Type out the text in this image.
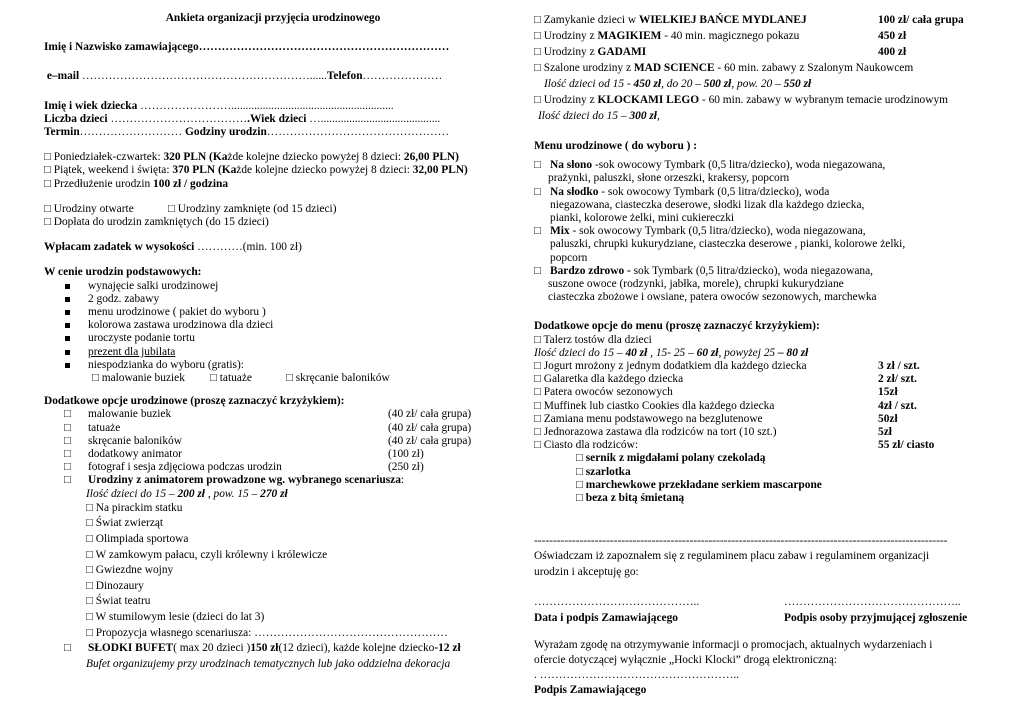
Ankieta organizacji przyjęcia urodzinowego
Imię i Nazwisko zamawiającego…………………………………………………………
e–mail ……………………………………………………......Telefon…………………
Imię i wiek dziecka …………………….........................................................
Liczba dzieci ……………………………….Wiek dzieci …..........................................
Termin……………………… Godziny urodzin…………………………………………
□ Poniedziałek-czwartek: 320 PLN (Każde kolejne dziecko powyżej 8 dzieci: 26,00 PLN)
□ Piątek, weekend i święta: 370 PLN (Każde kolejne dziecko powyżej 8 dzieci: 32,00 PLN)
□ Przedłużenie urodzin 100 zł / godzina
□ Urodziny otwarte	□ Urodziny zamknięte (od 15 dzieci)
□ Dopłata do urodzin zamkniętych (do 15 dzieci)
Wpłacam zadatek w wysokości …………(min. 100 zł)
W cenie urodzin podstawowych:
wynajęcie salki urodzinowej
2 godz. zabawy
menu urodzinowe ( pakiet do wyboru )
kolorowa zastawa urodzinowa dla dzieci
uroczyste podanie tortu
prezent dla jubilata
niespodzianka do wyboru (gratis):
□ malowanie buziek □ tatuaże	□ skręcanie baloników
Dodatkowe opcje urodzinowe (proszę zaznaczyć krzyżykiem):
□	malowanie buziek	(40 zł/ cała grupa)
□	tatuaże	(40 zł/ cała grupa)
□	skręcanie baloników	(40 zł/ cała grupa)
□	dodatkowy animator	(100 zł)
□	fotograf i sesja zdjęciowa podczas urodzin	(250 zł)
□	Urodziny z animatorem prowadzone wg. wybranego scenariusza :
Ilość dzieci do 15 – 200 zł , pow. 15 – 270 zł
□ Na pirackim statku
□ Świat zwierząt
□ Olimpiada sportowa
□ W zamkowym pałacu, czyli królewny i królewicze
□ Gwiezdne wojny
□ Dinozaury
□ Świat teatru
□ W stumilowym lesie (dzieci do lat 3)
□ Propozycja własnego scenariusza: ……………………………………………
□	SŁODKI BUFET ( max 20 dzieci ) 150 zł (12 dzieci), każde kolejne dziecko -12 zł
Bufet organizujemy przy urodzinach tematycznych lub jako oddzielna dekoracja
□ Zamykanie dzieci w WIELKIEJ BAŃCE MYDLANEJ	100 zł/ cała grupa
□ Urodziny z MAGIKIEM - 40 min. magicznego pokazu	450 zł
□ Urodziny z GADAMI	400 zł
□ Szalone urodziny z MAD SCIENCE - 60 min. zabawy z Szalonym Naukowcem
Ilość dzieci od 15 - 450 zł, do 20 – 500 zł, pow. 20 – 550 zł
□ Urodziny z KLOCKAMI LEGO - 60 min. zabawy w wybranym temacie urodzinowym
Ilość dzieci do 15 – 300 zł,
Menu urodzinowe ( do wyboru ) :
□ Na słono -sok owocowy Tymbark (0,5 litra/dziecko), woda niegazowana,
prażynki, paluszki, słone orzeszki, krakersy, popcorn
□ Na słodko - sok owocowy Tymbark (0,5 litra/dziecko), woda
niegazowana, ciasteczka deserowe, słodki lizak dla każdego dziecka,
pianki, kolorowe żelki, mini cukiereczki
□ Mix - sok owocowy Tymbark (0,5 litra/dziecko), woda niegazowana,
paluszki, chrupki kukurydziane, ciasteczka deserowe , pianki, kolorowe żelki,
popcorn
□ Bardzo zdrowo - sok Tymbark (0,5 litra/dziecko), woda niegazowana,
suszone owoce (rodzynki, jabłka, morele), chrupki kukurydziane
ciasteczka zbożowe i owsiane, patera owoców sezonowych, marchewka
Dodatkowe opcje do menu (proszę zaznaczyć krzyżykiem):
□ Talerz tostów dla dzieci
Ilość dzieci do 15 – 40 zł , 15- 25 – 60 zł, powyżej 25 – 80 zł
□ Jogurt mrożony z jednym dodatkiem dla każdego dziecka	3 zł / szt.
□ Galaretka dla każdego dziecka	2 zł/ szt.
□ Patera owoców sezonowych	15zł
□ Muffinek lub ciastko Cookies dla każdego dziecka	4zł / szt.
□ Zamiana menu podstawowego na bezglutenowe	50zł
□ Jednorazowa zastawa dla rodziców na tort (10 szt.)	5zł
□ Ciasto dla rodziców:	55 zł/ ciasto
□ sernik z migdałami polany czekoladą
□ szarlotka
□ marchewkowe przekładane serkiem mascarpone
□ beza z bitą śmietaną
-------------------------------------------------------------------------------------------------------------
Oświadczam iż zapoznałem się z regulaminem placu zabaw i regulaminem organizacji
urodzin i akceptuję go:
……………………………………..	………………………………………..
Data i podpis Zamawiającego	Podpis osoby przyjmującej zgłoszenie
Wyrażam zgodę na otrzymywanie informacji o promocjach, aktualnych wydarzeniach i
ofercie dotyczącej wyłącznie „Hocki Klocki” drogą elektroniczną:
. ……………………………………………..
Podpis Zamawiającego
